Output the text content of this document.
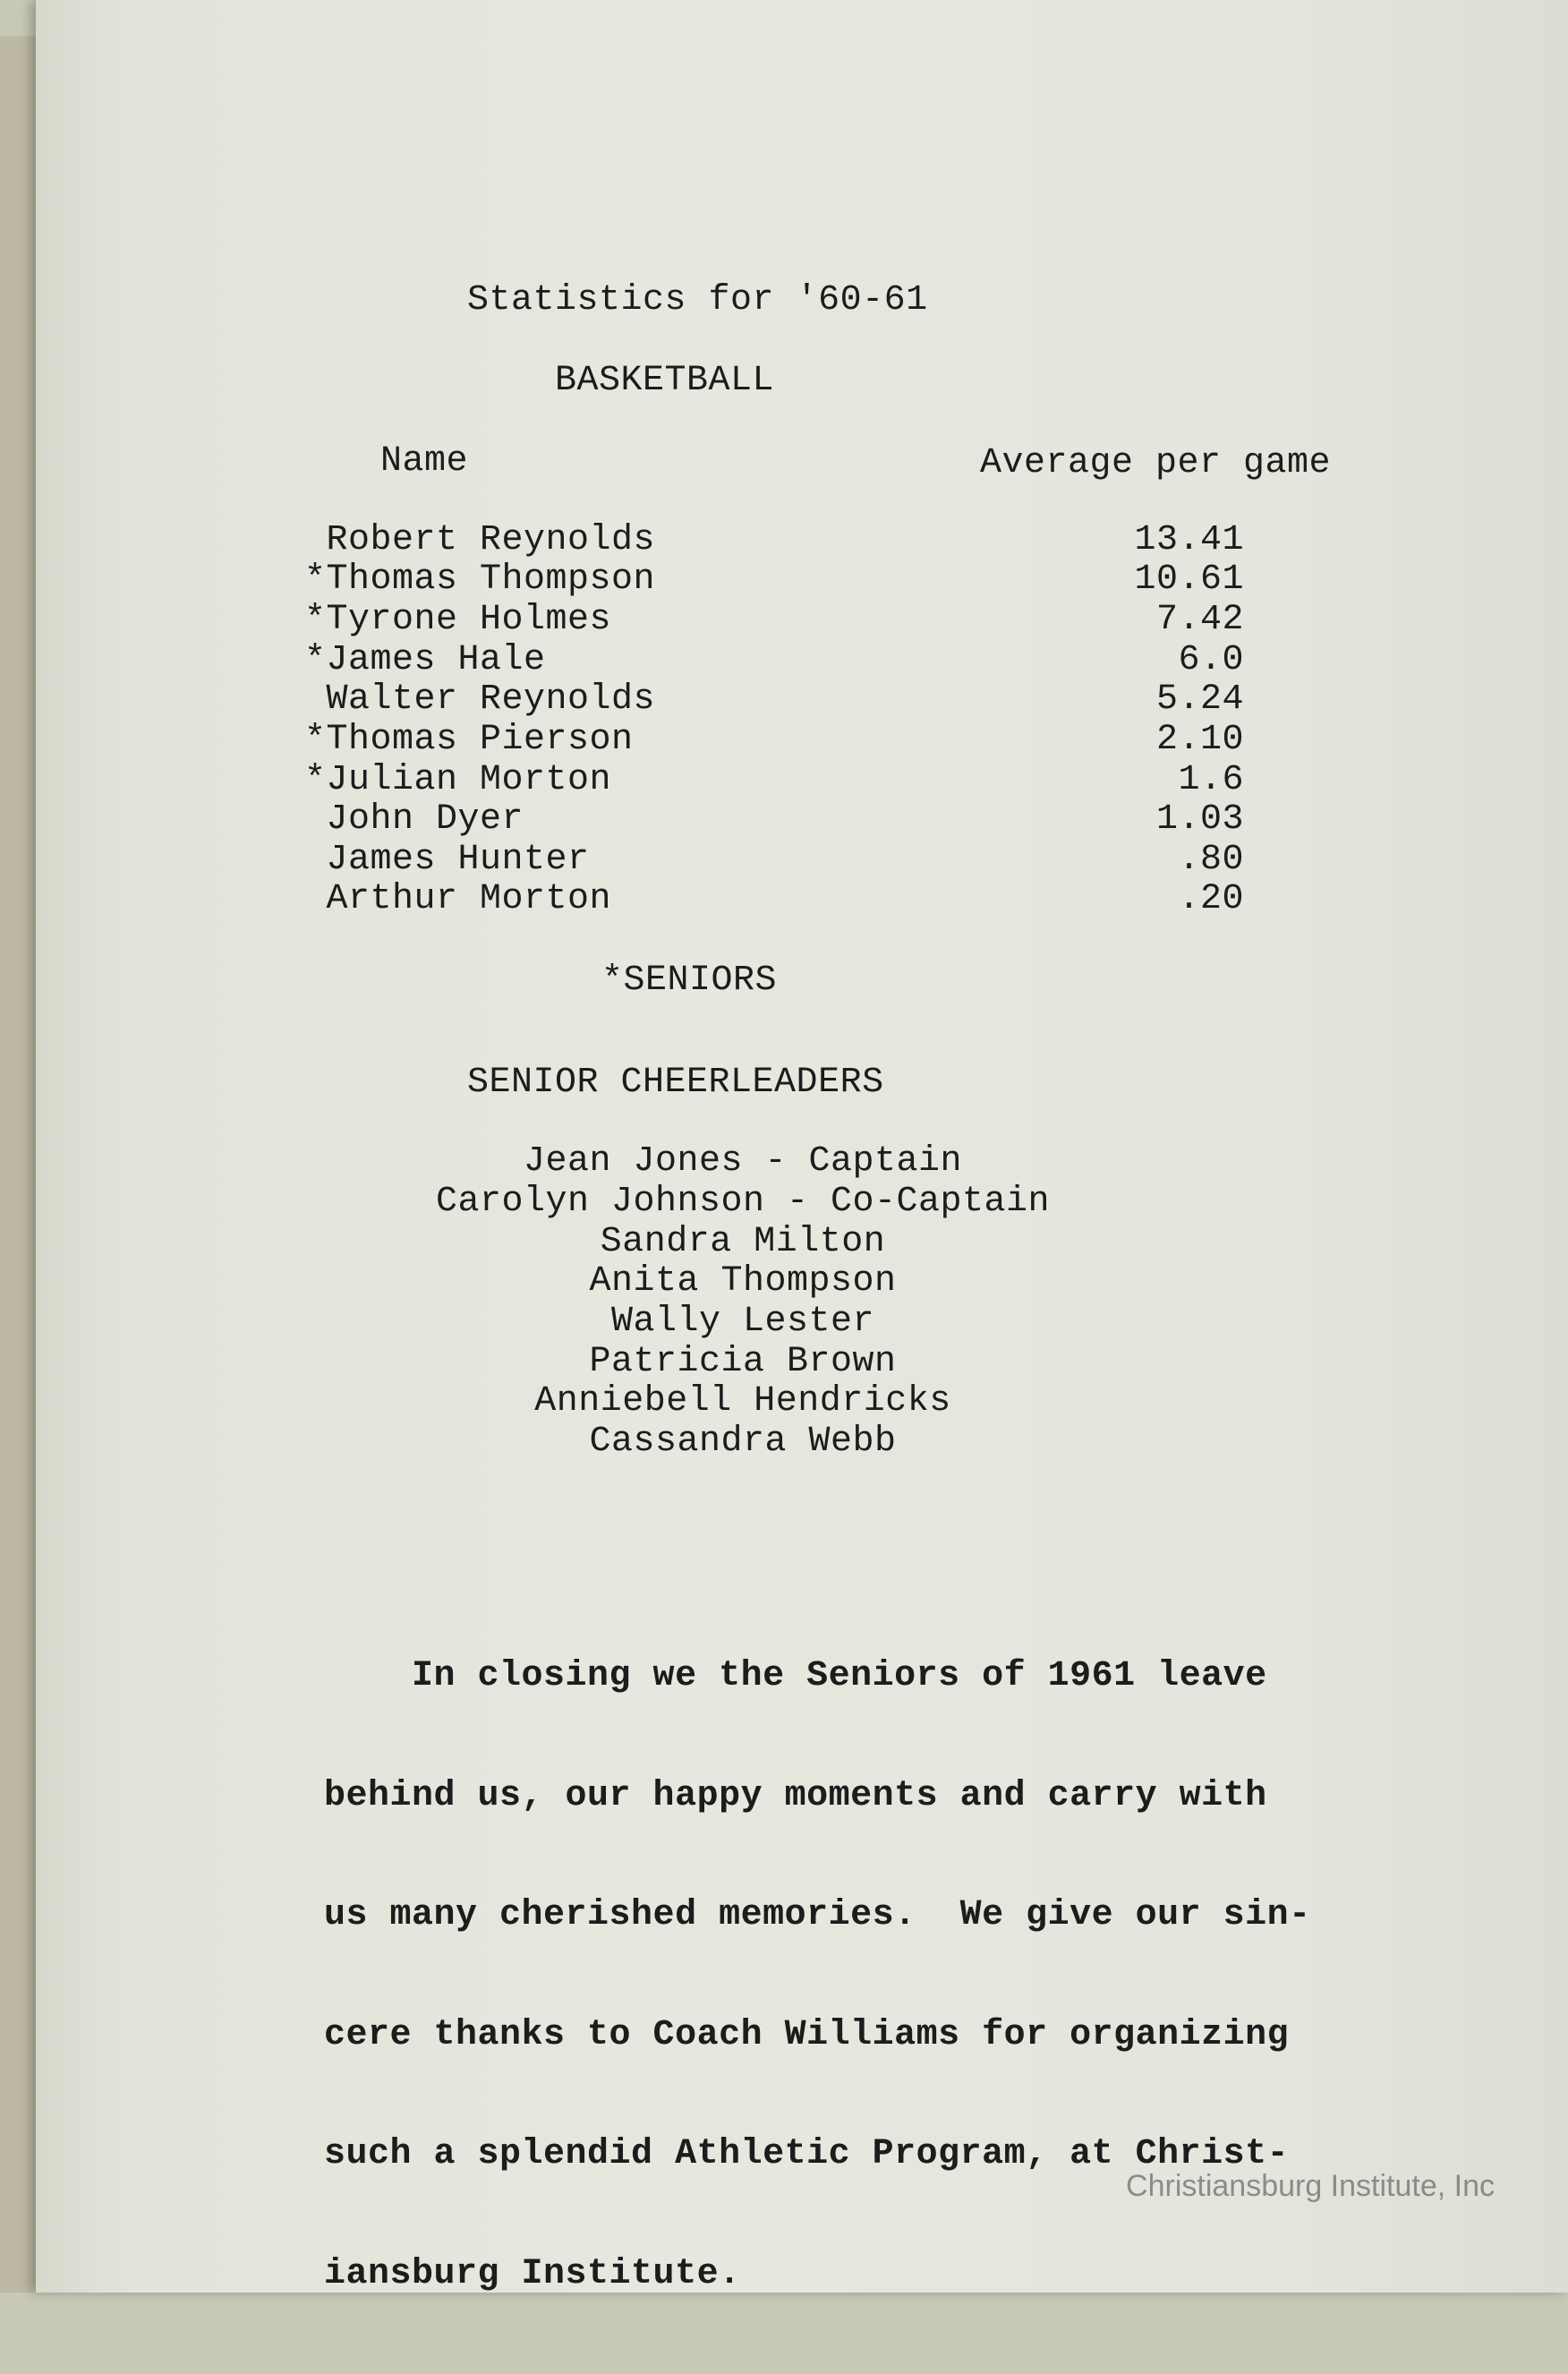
Statistics for '60-61
BASKETBALL
Name	Average per game
Robert Reynolds	13.41
*Thomas Thompson	10.61
*Tyrone Holmes	7.42
*James Hale	6.0
Walter Reynolds	5.24
*Thomas Pierson	2.10
*Julian Morton	1.6
John Dyer	1.03
James Hunter	.80
Arthur Morton	.20
*SENIORS
SENIOR CHEERLEADERS
Jean Jones - Captain
Carolyn Johnson - Co-Captain
Sandra Milton
Anita Thompson
Wally Lester
Patricia Brown
Anniebell Hendricks
Cassandra Webb

In closing we the Seniors of 1961 leave

behind us, our happy moments and carry with

us many cherished memories.  We give our sin-

cere thanks to Coach Williams for organizing

such a splendid Athletic Program, at Christ-

iansburg Institute.

Christiansburg Institute, Inc
